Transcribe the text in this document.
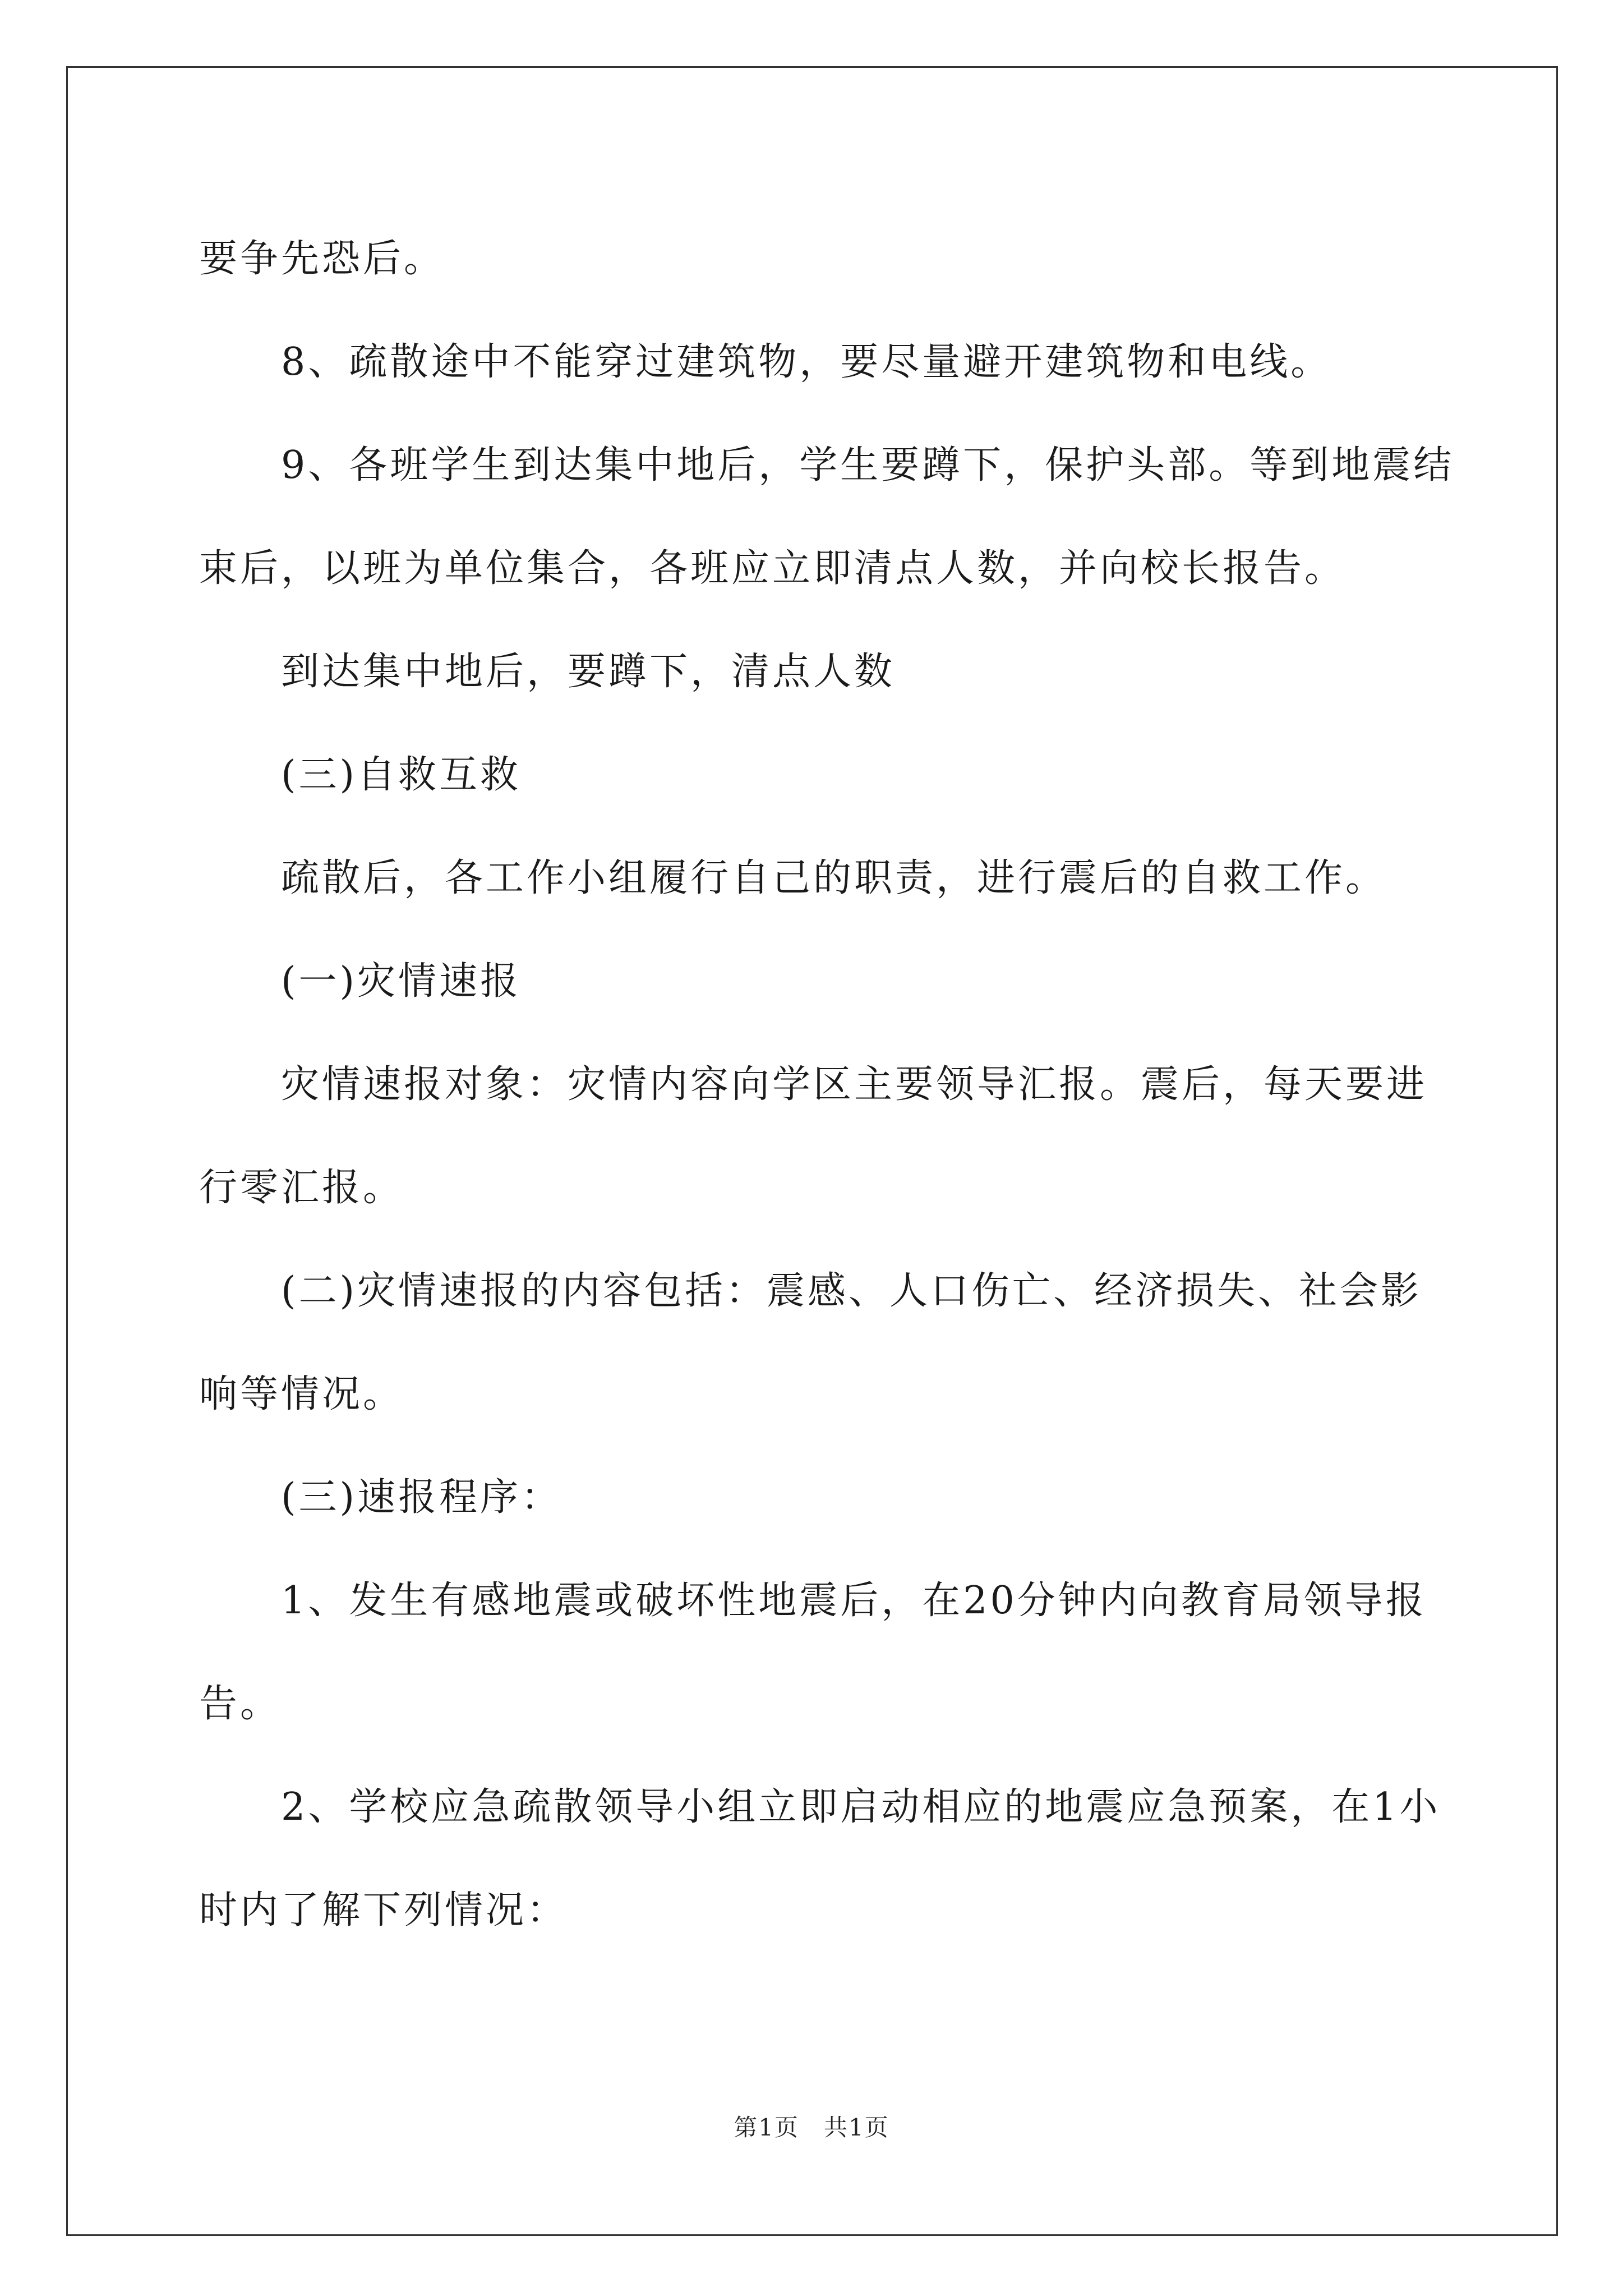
要争先恐后。

8、疏散途中不能穿过建筑物，要尽量避开建筑物和电线。

9、各班学生到达集中地后，学生要蹲下，保护头部。等到地震结

束后，以班为单位集合，各班应立即清点人数，并向校长报告。

到达集中地后，要蹲下，清点人数

(三)自救互救

疏散后，各工作小组履行自己的职责，进行震后的自救工作。

(一)灾情速报

灾情速报对象：灾情内容向学区主要领导汇报。震后，每天要进

行零汇报。

(二)灾情速报的内容包括：震感、人口伤亡、经济损失、社会影

响等情况。

(三)速报程序：

1、发生有感地震或破坏性地震后，在20分钟内向教育局领导报

告。

2、学校应急疏散领导小组立即启动相应的地震应急预案，在1小

时内了解下列情况：

第1页　共1页
